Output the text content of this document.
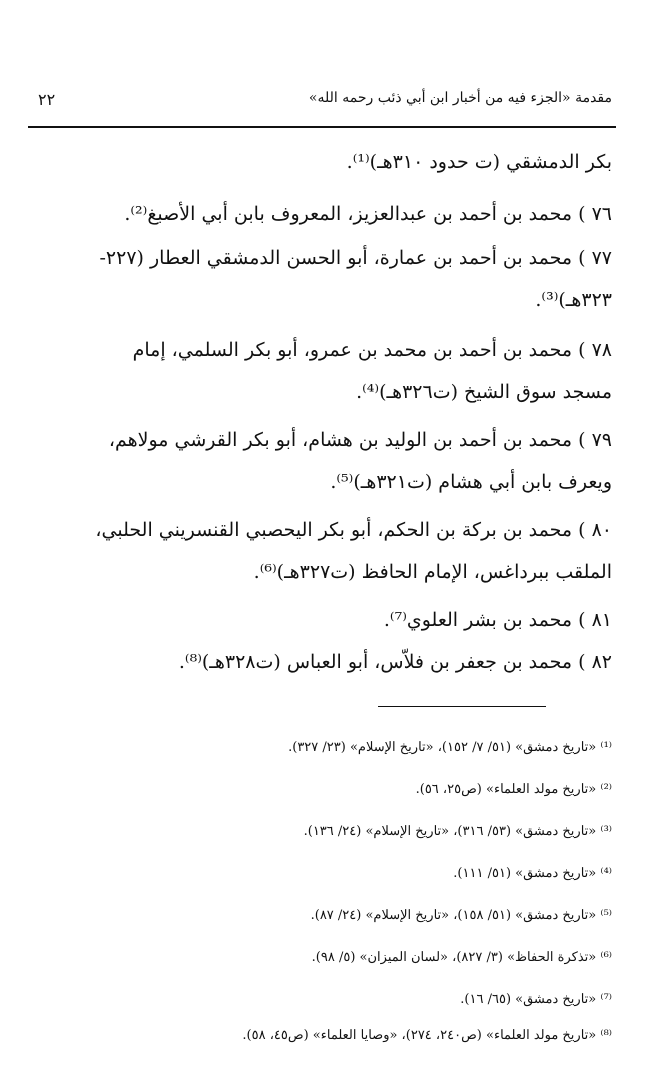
مقدمة «الجزء فيه من أخبار ابن أبي ذئب رحمه الله»
٢٢
بكر الدمشقي (ت حدود ٣١٠هـ)⁽¹⁾.
٧٦ ) محمد بن أحمد بن عبدالعزيز، المعروف بابن أبي الأصبغ⁽²⁾.
٧٧ ) محمد بن أحمد بن عمارة، أبو الحسن الدمشقي العطار (٢٢٧-
٣٢٣هـ)⁽³⁾.
٧٨ ) محمد بن أحمد بن محمد بن عمرو، أبو بكر السلمي، إمام
مسجد سوق الشيخ (ت٣٢٦هـ)⁽⁴⁾.
٧٩ ) محمد بن أحمد بن الوليد بن هشام، أبو بكر القرشي مولاهم،
ويعرف بابن أبي هشام (ت٣٢١هـ)⁽⁵⁾.
٨٠ ) محمد بن بركة بن الحكم، أبو بكر اليحصبي القنسريني الحلبي،
الملقب ببرداغس، الإمام الحافظ (ت٣٢٧هـ)⁽⁶⁾.
٨١ ) محمد بن بشر العلوي⁽⁷⁾.
٨٢ ) محمد بن جعفر بن فلاّس، أبو العباس (ت٣٢٨هـ)⁽⁸⁾.
⁽¹⁾ «تاريخ دمشق» (٥١/ ٧/ ١٥٢)، «تاريخ الإسلام» (٢٣/ ٣٢٧).
⁽²⁾ «تاريخ مولد العلماء» (ص٢٥، ٥٦).
⁽³⁾ «تاريخ دمشق» (٥٣/ ٣١٦)، «تاريخ الإسلام» (٢٤/ ١٣٦).
⁽⁴⁾ «تاريخ دمشق» (٥١/ ١١١).
⁽⁵⁾ «تاريخ دمشق» (٥١/ ١٥٨)، «تاريخ الإسلام» (٢٤/ ٨٧).
⁽⁶⁾ «تذكرة الحفاظ» (٣/ ٨٢٧)، «لسان الميزان» (٥/ ٩٨).
⁽⁷⁾ «تاريخ دمشق» (٦٥/ ١٦).
⁽⁸⁾ «تاريخ مولد العلماء» (ص٢٤٠، ٢٧٤)، «وصايا العلماء» (ص٤٥، ٥٨).
